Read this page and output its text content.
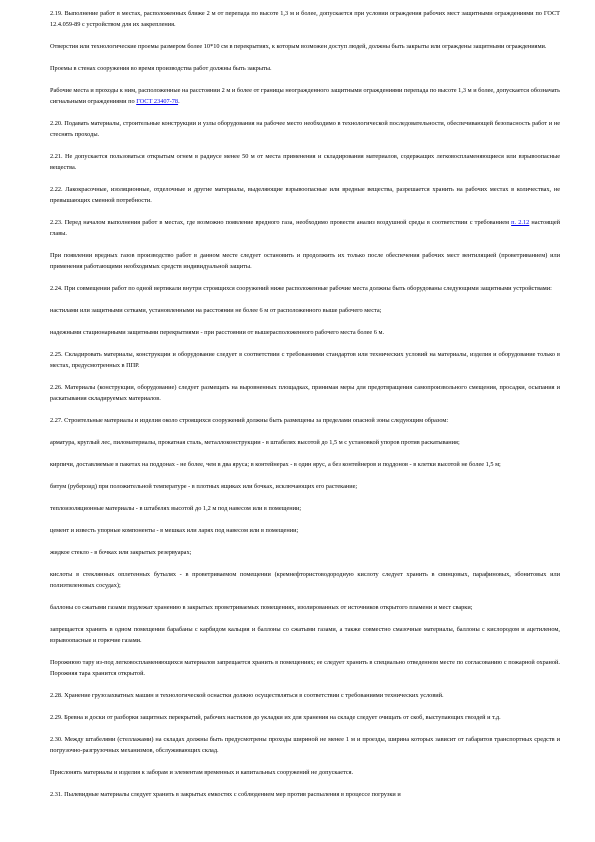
2.19. Выполнение работ в местах, расположенных ближе 2 м от перепада по высоте 1,3 м и более, допускается при условии ограждения рабочих мест защитными ограждениями по ГОСТ 12.4.059-89 с устройством для их закрепления.

Отверстия или технологические проемы размером более 10*10 см в перекрытиях, к которым возможен доступ людей, должны быть закрыты или ограждены защитными ограждениями.

Проемы в стенах сооружения во время производства работ должны быть закрыты.

Рабочие места и проходы к ним, расположенные на расстоянии 2 м и более от границы неогражденного защитными ограждениями перепада по высоте 1,3 м и более, допускается обозначать сигнальными ограждениями по ГОСТ 23407-78.

2.20. Подавать материалы, строительные конструкции и узлы оборудования на рабочее место необходимо в технологической последовательности, обеспечивающей безопасность работ и не стеснять проходы.

2.21. Не допускается пользоваться открытым огнем в радиусе менее 50 м от места применения и складирования материалов, содержащих легковоспламеняющиеся или взрывоопасные вещества.

2.22. Лакокрасочные, изоляционные, отделочные и другие материалы, выделяющие взрывоопасные или вредные вещества, разрешается хранить на рабочих местах в количествах, не превышающих сменной потребности.

2.23. Перед началом выполнения работ в местах, где возможно появление вредного газа, необходимо провести анализ воздушной среды в соответствии с требованием п. 2.12 настоящей главы.

При появлении вредных газов производство работ в данном месте следует остановить и продолжить их только после обеспечения рабочих мест вентиляцией (проветриванием) или применения работающими необходимых средств индивидуальной защиты.

2.24. При совмещении работ по одной вертикали внутри строящихся сооружений ниже расположенные рабочие места должны быть оборудованы следующими защитными устройствами:

настилами или защитными сетками, установленными на расстоянии не более 6 м от расположенного выше рабочего места;

надежными стационарными защитными перекрытиями - при расстоянии от вышерасположенного рабочего места более 6 м.

2.25. Складировать материалы, конструкции и оборудование следует в соответствии с требованиями стандартов или технических условий на материалы, изделия и оборудование только в местах, предусмотренных в ППР.

2.26. Материалы (конструкции, оборудование) следует размещать на выровненных площадках, принимая меры для предотвращения самопроизвольного смещения, просадки, осыпания и раскатывания складируемых материалов.

2.27. Строительные материалы и изделия около строящихся сооружений должны быть размещены за пределами опасной зоны следующим образом:

арматура, круглый лес, пиломатериалы, прокатная сталь, металлоконструкции - в штабелях высотой до 1,5 м с установкой упоров против раскатывания;

кирпичи, доставляемые в пакетах на поддонах - не более, чем в два яруса; в контейнерах - в один ярус, а без контейнеров и поддонов - в клетки высотой не более 1,5 м;

битум (рубероид) при положительной температуре - в плотных ящиках или бочках, исключающих его растекание;

теплоизоляционные материалы - в штабелях высотой до 1,2 м под навесом или в помещении;

цемент и известь упорные компоненты - в мешках или ларях под навесом или в помещении;

жидкое стекло - в бочках или закрытых резервуарах;

кислоты в стеклянных оплетенных бутылях - в проветриваемом помещении (кремнефтористоводородную кислоту следует хранить в свинцовых, парафиновых, эбонитовых или полиэтиленовых сосудах);

баллоны со сжатыми газами подлежат хранению в закрытых проветриваемых помещениях, изолированных от источников открытого пламени и мест сварки;

запрещается хранить в одном помещении барабаны с карбидом кальция и баллоны со сжатыми газами, а также совместно смазочные материалы, баллоны с кислородом и ацетиленом, взрывоопасные и горючие газами.

Порожнюю тару из-под легковоспламеняющихся материалов запрещается хранить в помещениях; ее следует хранить в специально отведенном месте по согласованию с пожарной охраной. Порожняя тара хранится открытой.

2.28. Хранение грузозахватных машин и технологической оснастки должно осуществляться в соответствии с требованиями технических условий.

2.29. Бревна и доски от разборки защитных перекрытий, рабочих настилов до укладки их для хранения на складе следует очищать от скоб, выступающих гвоздей и т.д.

2.30. Между штабелями (стеллажами) на складах должны быть предусмотрены проходы шириной не менее 1 м и проезды, ширина которых зависит от габаритов транспортных средств и погрузочно-разгрузочных механизмов, обслуживающих склад.

Прислонять материалы и изделия к заборам и элементам временных и капитальных сооружений не допускается.

2.31. Пылевидные материалы следует хранить в закрытых емкостях с соблюдением мер против распыления в процессе погрузки и
